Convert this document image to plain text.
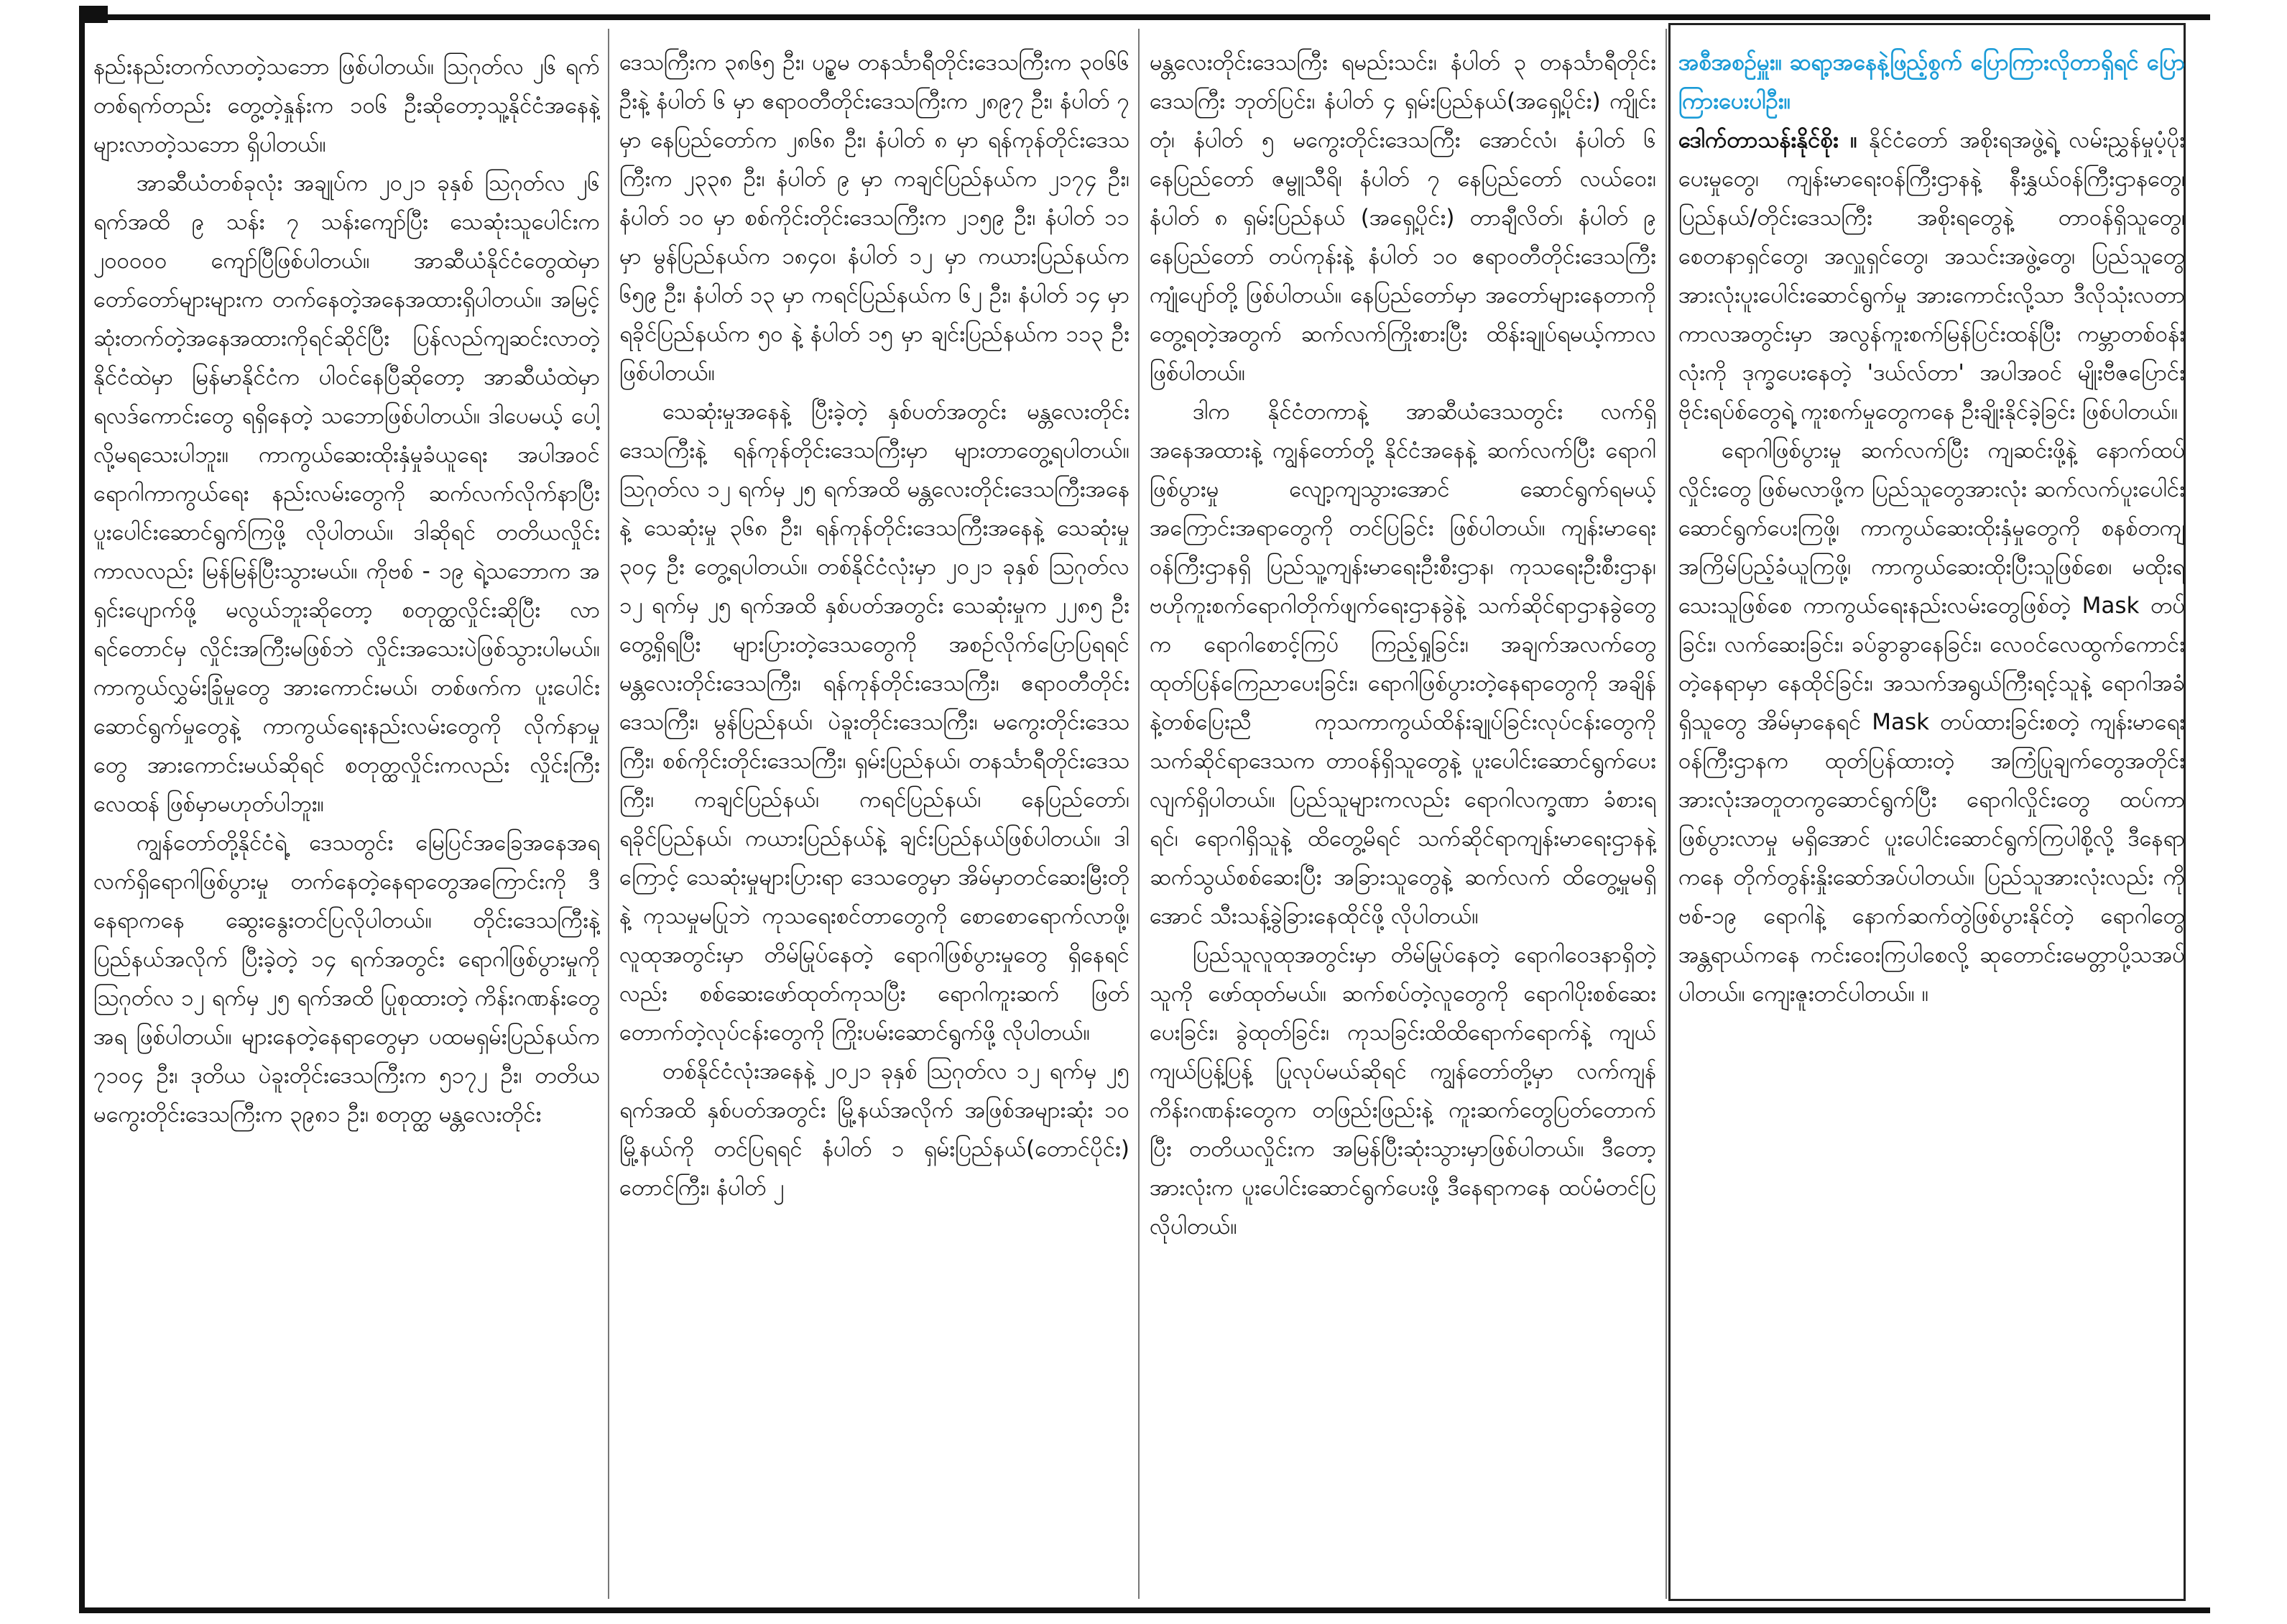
နည်းနည်းတက်လာတဲ့သဘော ဖြစ်ပါတယ်။ ဩဂုတ်လ ၂၆ ရက် တစ်ရက်တည်း တွေ့တဲ့နှုန်းက ၁၀၆ ဦးဆိုတော့သူ့နိုင်ငံအနေနဲ့ များလာတဲ့သဘော ရှိပါတယ်။

အာဆီယံတစ်ခုလုံး အချုပ်က ၂၀၂၁ ခုနှစ် ဩဂုတ်လ ၂၆ ရက်အထိ ၉ သန်း ၇ သန်းကျော်ပြီး သေဆုံးသူပေါင်းက ၂၀၀၀၀၀ ကျော်ပြီဖြစ်ပါတယ်။ အာဆီယံနိုင်ငံတွေထဲမှာ တော်တော်များများက တက်နေတဲ့အနေအထားရှိပါတယ်။ အမြင့်ဆုံးတက်တဲ့အနေအထားကိုရင်ဆိုင်ပြီး ပြန်လည်ကျဆင်းလာတဲ့နိုင်ငံထဲမှာ မြန်မာနိုင်ငံက ပါဝင်နေပြီဆိုတော့ အာဆီယံထဲမှာ ရလဒ်ကောင်းတွေ ရရှိနေတဲ့ သဘောဖြစ်ပါတယ်။ ဒါပေမယ့် ပေါ့လို့မရသေးပါဘူး။ ကာကွယ်ဆေးထိုးနှံမှုခံယူရေး အပါအဝင် ရောဂါကာကွယ်ရေး နည်းလမ်းတွေကို ဆက်လက်လိုက်နာပြီး ပူးပေါင်းဆောင်ရွက်ကြဖို့ လိုပါတယ်။ ဒါဆိုရင် တတိယလှိုင်းကာလလည်း မြန်မြန်ပြီးသွားမယ်။ ကိုဗစ် - ၁၉ ရဲ့သဘောက အရှင်းပျောက်ဖို့ မလွယ်ဘူးဆိုတော့ စတုတ္ထလှိုင်းဆိုပြီး လာရင်တောင်မှ လှိုင်းအကြီးမဖြစ်ဘဲ လှိုင်းအသေးပဲဖြစ်သွားပါမယ်။ ကာကွယ်လွှမ်းခြုံမှုတွေ အားကောင်းမယ်၊ တစ်ဖက်က ပူးပေါင်းဆောင်ရွက်မှုတွေနဲ့ ကာကွယ်ရေးနည်းလမ်းတွေကို လိုက်နာမှုတွေ အားကောင်းမယ်ဆိုရင် စတုတ္ထလှိုင်းကလည်း လှိုင်းကြီးလေထန် ဖြစ်မှာမဟုတ်ပါဘူး။

ကျွန်တော်တို့နိုင်ငံရဲ့ ဒေသတွင်း မြေပြင်အခြေအနေအရ လက်ရှိရောဂါဖြစ်ပွားမှု တက်နေတဲ့နေရာတွေအကြောင်းကို ဒီနေရာကနေ ဆွေးနွေးတင်ပြလိုပါတယ်။ တိုင်းဒေသကြီးနဲ့ ပြည်နယ်အလိုက် ပြီးခဲ့တဲ့ ၁၄ ရက်အတွင်း ရောဂါဖြစ်ပွားမှုကို ဩဂုတ်လ ၁၂ ရက်မှ ၂၅ ရက်အထိ ပြုစုထားတဲ့ ကိန်းဂဏန်းတွေအရ ဖြစ်ပါတယ်။ များနေတဲ့နေရာတွေမှာ ပထမရှမ်းပြည်နယ်က ၇၁၀၄ ဦး၊ ဒုတိယ ပဲခူးတိုင်းဒေသကြီးက ၅၁၇၂ ဦး၊ တတိယ မကွေးတိုင်းဒေသကြီးက ၃၉၈၁ ဦး၊ စတုတ္ထ မန္တလေးတိုင်း

ဒေသကြီးက ၃၈၆၅ ဦး၊ ပဉ္စမ တနင်္သာရီတိုင်းဒေသကြီးက ၃၀၆၆ ဦးနဲ့ နံပါတ် ၆ မှာ ဧရာဝတီတိုင်းဒေသကြီးက ၂၈၉၇ ဦး၊ နံပါတ် ၇ မှာ နေပြည်တော်က ၂၈၆၈ ဦး၊ နံပါတ် ၈ မှာ ရန်ကုန်တိုင်းဒေသကြီးက ၂၃၃၈ ဦး၊ နံပါတ် ၉ မှာ ကချင်ပြည်နယ်က ၂၁၇၄ ဦး၊ နံပါတ် ၁၀ မှာ စစ်ကိုင်းတိုင်းဒေသကြီးက ၂၁၅၉ ဦး၊ နံပါတ် ၁၁ မှာ မွန်ပြည်နယ်က ၁၈၄၀၊ နံပါတ် ၁၂ မှာ ကယားပြည်နယ်က ၆၅၉ ဦး၊ နံပါတ် ၁၃ မှာ ကရင်ပြည်နယ်က ၆၂ ဦး၊ နံပါတ် ၁၄ မှာ ရခိုင်ပြည်နယ်က ၅၀ နဲ့ နံပါတ် ၁၅ မှာ ချင်းပြည်နယ်က ၁၁၃ ဦး ဖြစ်ပါတယ်။

သေဆုံးမှုအနေနဲ့ ပြီးခဲ့တဲ့ နှစ်ပတ်အတွင်း မန္တလေးတိုင်းဒေသကြီးနဲ့ ရန်ကုန်တိုင်းဒေသကြီးမှာ များတာတွေ့ရပါတယ်။ ဩဂုတ်လ ၁၂ ရက်မှ ၂၅ ရက်အထိ မန္တလေးတိုင်းဒေသကြီးအနေနဲ့ သေဆုံးမှု ၃၆၈ ဦး၊ ရန်ကုန်တိုင်းဒေသကြီးအနေနဲ့ သေဆုံးမှု ၃၀၄ ဦး တွေ့ရပါတယ်။ တစ်နိုင်ငံလုံးမှာ ၂၀၂၁ ခုနှစ် ဩဂုတ်လ ၁၂ ရက်မှ ၂၅ ရက်အထိ နှစ်ပတ်အတွင်း သေဆုံးမှုက ၂၂၈၅ ဦး တွေ့ရှိရပြီး များပြားတဲ့ဒေသတွေကို အစဉ်လိုက်ပြောပြရရင် မန္တလေးတိုင်းဒေသကြီး၊ ရန်ကုန်တိုင်းဒေသကြီး၊ ဧရာဝတီတိုင်းဒေသကြီး၊ မွန်ပြည်နယ်၊ ပဲခူးတိုင်းဒေသကြီး၊ မကွေးတိုင်းဒေသကြီး၊ စစ်ကိုင်းတိုင်းဒေသကြီး၊ ရှမ်းပြည်နယ်၊ တနင်္သာရီတိုင်းဒေသကြီး၊ ကချင်ပြည်နယ်၊ ကရင်ပြည်နယ်၊ နေပြည်တော်၊ ရခိုင်ပြည်နယ်၊ ကယားပြည်နယ်နဲ့ ချင်းပြည်နယ်ဖြစ်ပါတယ်။ ဒါကြောင့် သေဆုံးမှုများပြားရာ ဒေသတွေမှာ အိမ်မှာတင်ဆေးမြီးတိုနဲ့ ကုသမှုမပြုဘဲ ကုသရေးစင်တာတွေကို စောစောရောက်လာဖို့၊ လူထုအတွင်းမှာ တိမ်မြုပ်နေတဲ့ ရောဂါဖြစ်ပွားမှုတွေ ရှိနေရင်လည်း စစ်ဆေးဖော်ထုတ်ကုသပြီး ရောဂါကူးဆက် ဖြတ်တောက်တဲ့လုပ်ငန်းတွေကို ကြိုးပမ်းဆောင်ရွက်ဖို့ လိုပါတယ်။

တစ်နိုင်ငံလုံးအနေနဲ့ ၂၀၂၁ ခုနှစ် ဩဂုတ်လ ၁၂ ရက်မှ ၂၅ ရက်အထိ နှစ်ပတ်အတွင်း မြို့နယ်အလိုက် အဖြစ်အများဆုံး ၁၀ မြို့နယ်ကို တင်ပြရရင် နံပါတ် ၁ ရှမ်းပြည်နယ်(တောင်ပိုင်း) တောင်ကြီး၊ နံပါတ် ၂

မန္တလေးတိုင်းဒေသကြီး ရမည်းသင်း၊ နံပါတ် ၃ တနင်္သာရီတိုင်းဒေသကြီး ဘုတ်ပြင်း၊ နံပါတ် ၄ ရှမ်းပြည်နယ်(အရှေ့ပိုင်း) ကျိုင်းတုံ၊ နံပါတ် ၅ မကွေးတိုင်းဒေသကြီး အောင်လံ၊ နံပါတ် ၆ နေပြည်တော် ဇမ္ဗူသီရိ၊ နံပါတ် ၇ နေပြည်တော် လယ်ဝေး၊ နံပါတ် ၈ ရှမ်းပြည်နယ် (အရှေ့ပိုင်း) တာချီလိတ်၊ နံပါတ် ၉ နေပြည်တော် တပ်ကုန်းနဲ့ နံပါတ် ၁၀ ဧရာဝတီတိုင်းဒေသကြီး ကျုံပျော်တို့ ဖြစ်ပါတယ်။ နေပြည်တော်မှာ အတော်များနေတာကို တွေ့ရတဲ့အတွက် ဆက်လက်ကြိုးစားပြီး ထိန်းချုပ်ရမယ့်ကာလ ဖြစ်ပါတယ်။

ဒါက နိုင်ငံတကာနဲ့ အာဆီယံဒေသတွင်း လက်ရှိအနေအထားနဲ့ ကျွန်တော်တို့ နိုင်ငံအနေနဲ့ ဆက်လက်ပြီး ရောဂါဖြစ်ပွားမှု လျော့ကျသွားအောင် ဆောင်ရွက်ရမယ့် အကြောင်းအရာတွေကို တင်ပြခြင်း ဖြစ်ပါတယ်။ ကျန်းမာရေးဝန်ကြီးဌာနရှိ ပြည်သူ့ကျန်းမာရေးဦးစီးဌာန၊ ကုသရေးဦးစီးဌာန၊ ဗဟိုကူးစက်ရောဂါတိုက်ဖျက်ရေးဌာနခွဲနဲ့ သက်ဆိုင်ရာဌာနခွဲတွေက ရောဂါစောင့်ကြပ် ကြည့်ရှုခြင်း၊ အချက်အလက်တွေ ထုတ်ပြန်ကြေညာပေးခြင်း၊ ရောဂါဖြစ်ပွားတဲ့နေရာတွေကို အချိန်နဲ့တစ်ပြေးညီ ကုသကာကွယ်ထိန်းချုပ်ခြင်းလုပ်ငန်းတွေကို သက်ဆိုင်ရာဒေသက တာဝန်ရှိသူတွေနဲ့ ပူးပေါင်းဆောင်ရွက်ပေးလျက်ရှိပါတယ်။ ပြည်သူများကလည်း ရောဂါလက္ခဏာ ခံစားရရင်၊ ရောဂါရှိသူနဲ့ ထိတွေ့မိရင် သက်ဆိုင်ရာကျန်းမာရေးဌာနနဲ့ ဆက်သွယ်စစ်ဆေးပြီး အခြားသူတွေနဲ့ ဆက်လက် ထိတွေ့မှုမရှိအောင် သီးသန့်ခွဲခြားနေထိုင်ဖို့ လိုပါတယ်။

ပြည်သူလူထုအတွင်းမှာ တိမ်မြုပ်နေတဲ့ ရောဂါဝေဒနာရှိတဲ့သူကို ဖော်ထုတ်မယ်။ ဆက်စပ်တဲ့လူတွေကို ရောဂါပိုးစစ်ဆေးပေးခြင်း၊ ခွဲထုတ်ခြင်း၊ ကုသခြင်းထိထိရောက်ရောက်နဲ့ ကျယ်ကျယ်ပြန့်ပြန့် ပြုလုပ်မယ်ဆိုရင် ကျွန်တော်တို့မှာ လက်ကျန်ကိန်းဂဏန်းတွေက တဖြည်းဖြည်းနဲ့ ကူးဆက်တွေပြတ်တောက်ပြီး တတိယလှိုင်းက အမြန်ပြီးဆုံးသွားမှာဖြစ်ပါတယ်။ ဒီတော့အားလုံးက ပူးပေါင်းဆောင်ရွက်ပေးဖို့ ဒီနေရာကနေ ထပ်မံတင်ပြလိုပါတယ်။

အစီအစဉ်မှူး။ ဆရာ့အနေနဲ့ဖြည့်စွက် ပြောကြားလိုတာရှိရင် ပြောကြားပေးပါဦး။

ဒေါက်တာသန်းနိုင်စိုး ။ နိုင်ငံတော် အစိုးရအဖွဲ့ရဲ့ လမ်းညွှန်မှုပံ့ပိုးပေးမှုတွေ၊ ကျန်းမာရေးဝန်ကြီးဌာနနဲ့ နီးနွှယ်ဝန်ကြီးဌာနတွေ၊ ပြည်နယ်/တိုင်းဒေသကြီး အစိုးရတွေနဲ့ တာဝန်ရှိသူတွေ၊ စေတနာရှင်တွေ၊ အလှူရှင်တွေ၊ အသင်းအဖွဲ့တွေ၊ ပြည်သူတွေအားလုံးပူးပေါင်းဆောင်ရွက်မှု အားကောင်းလို့သာ ဒီလိုသုံးလတာကာလအတွင်းမှာ အလွန်ကူးစက်မြန်ပြင်းထန်ပြီး ကမ္ဘာတစ်ဝန်းလုံးကို ဒုက္ခပေးနေတဲ့ 'ဒယ်လ်တာ' အပါအဝင် မျိုးဗီဇပြောင်း ဗိုင်းရပ်စ်တွေရဲ့ ကူးစက်မှုတွေကနေ ဦးချိုးနိုင်ခဲ့ခြင်း ဖြစ်ပါတယ်။

ရောဂါဖြစ်ပွားမှု ဆက်လက်ပြီး ကျဆင်းဖို့နဲ့ နောက်ထပ်လှိုင်းတွေ ဖြစ်မလာဖို့က ပြည်သူတွေအားလုံး ဆက်လက်ပူးပေါင်းဆောင်ရွက်ပေးကြဖို့၊ ကာကွယ်ဆေးထိုးနှံမှုတွေကို စနစ်တကျအကြိမ်ပြည့်ခံယူကြဖို့၊ ကာကွယ်ဆေးထိုးပြီးသူဖြစ်စေ၊ မထိုးရသေးသူဖြစ်စေ ကာကွယ်ရေးနည်းလမ်းတွေဖြစ်တဲ့ Mask တပ်ခြင်း၊ လက်ဆေးခြင်း၊ ခပ်ခွာခွာနေခြင်း၊ လေဝင်လေထွက်ကောင်းတဲ့နေရာမှာ နေထိုင်ခြင်း၊ အသက်အရွယ်ကြီးရင့်သူနဲ့ ရောဂါအခံရှိသူတွေ အိမ်မှာနေရင် Mask တပ်ထားခြင်းစတဲ့ ကျန်းမာရေးဝန်ကြီးဌာနက ထုတ်ပြန်ထားတဲ့ အကြံပြုချက်တွေအတိုင်း အားလုံးအတူတကွဆောင်ရွက်ပြီး ရောဂါလှိုင်းတွေ ထပ်ကာဖြစ်ပွားလာမှု မရှိအောင် ပူးပေါင်းဆောင်ရွက်ကြပါစို့လို့ ဒီနေရာကနေ တိုက်တွန်းနှိုးဆော်အပ်ပါတယ်။ ပြည်သူအားလုံးလည်း ကိုဗစ်-၁၉ ရောဂါနဲ့ နောက်ဆက်တွဲဖြစ်ပွားနိုင်တဲ့ ရောဂါတွေအန္တရာယ်ကနေ ကင်းဝေးကြပါစေလို့ ဆုတောင်းမေတ္တာပို့သအပ်ပါတယ်။ ကျေးဇူးတင်ပါတယ်။ ။
